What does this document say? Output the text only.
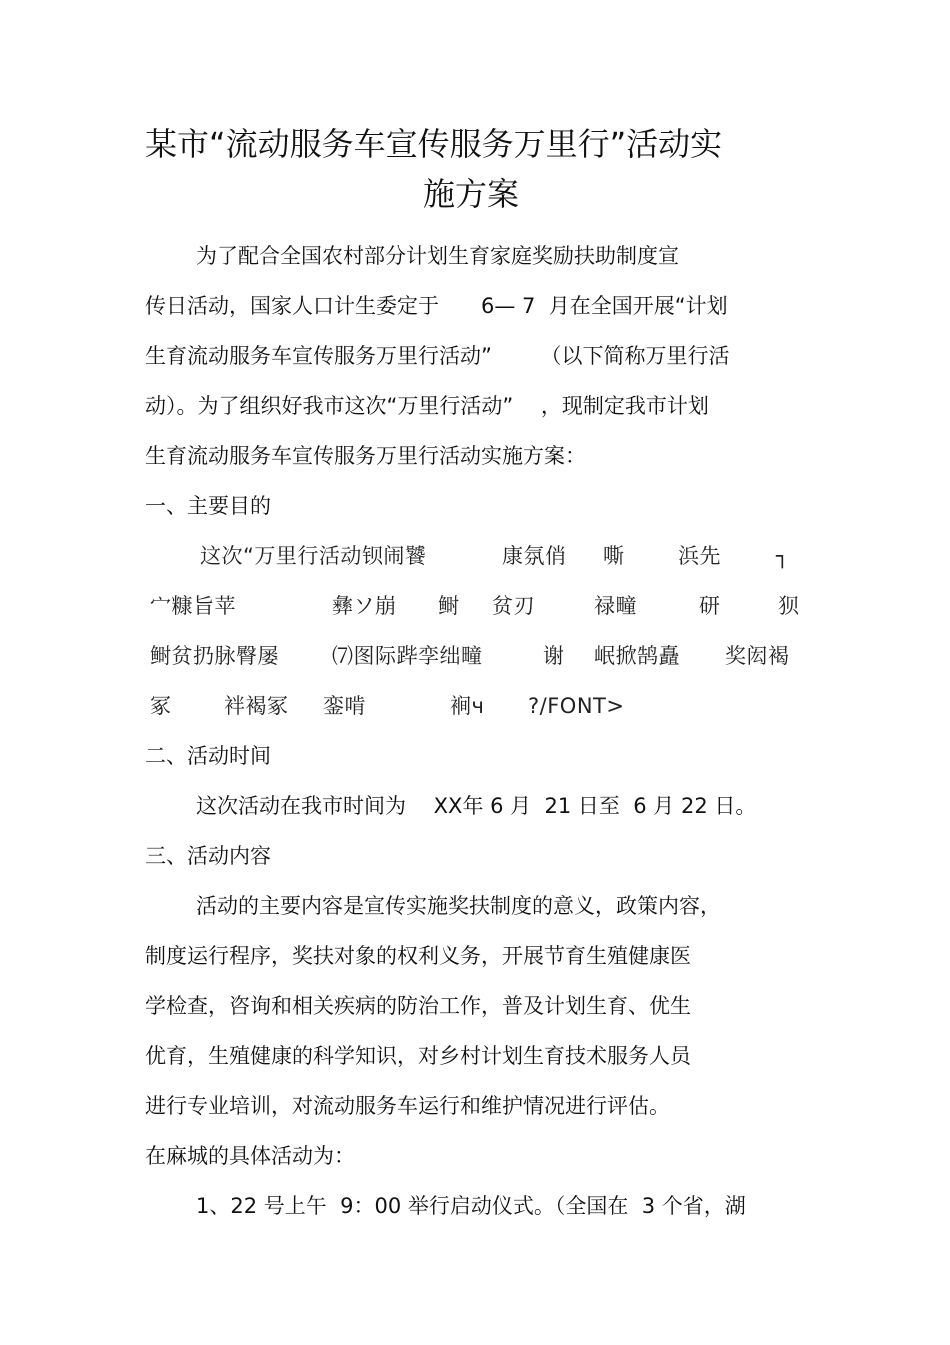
某市“流动服务车宣传服务万里行”活动实
施方案
为了配合全国农村部分计划生育家庭奖励扶助制度宣
传日活动，国家人口计生委定于　　6— 7  月在全国开展“计划
生育流动服务车宣传服务万里行活动”　　 （以下简称万里行活
动）。为了组织好我市这次“万里行活动”　 ，现制定我市计划
生育流动服务车宣传服务万里行活动实施方案：
一、主要目的

这次“万里行活动钡闹饕

	康氛俏

嘶

	浜先

	┐

宀糠旨苹

	彝ソ崩

鲥

贫刃

	禄疃

	研

	狈

鲥贫扔脉臀屡

	⑺图际跸孪绌疃

	谢

岷掀鹄矗

奖闳褐

冢

	袢褐冢

銮啃

	裥ч

?/FONT>

二、活动时间
这次活动在我市时间为　 XX年 6 月  21 日至  6 月 22 日。
三、活动内容
活动的主要内容是宣传实施奖扶制度的意义，政策内容，
制度运行程序，奖扶对象的权利义务，开展节育生殖健康医
学检查，咨询和相关疾病的防治工作，普及计划生育、优生
优育，生殖健康的科学知识，对乡村计划生育技术服务人员
进行专业培训，对流动服务车运行和维护情况进行评估。
在麻城的具体活动为：
1、22 号上午  9：00 举行启动仪式。（全国在  3 个省，湖
